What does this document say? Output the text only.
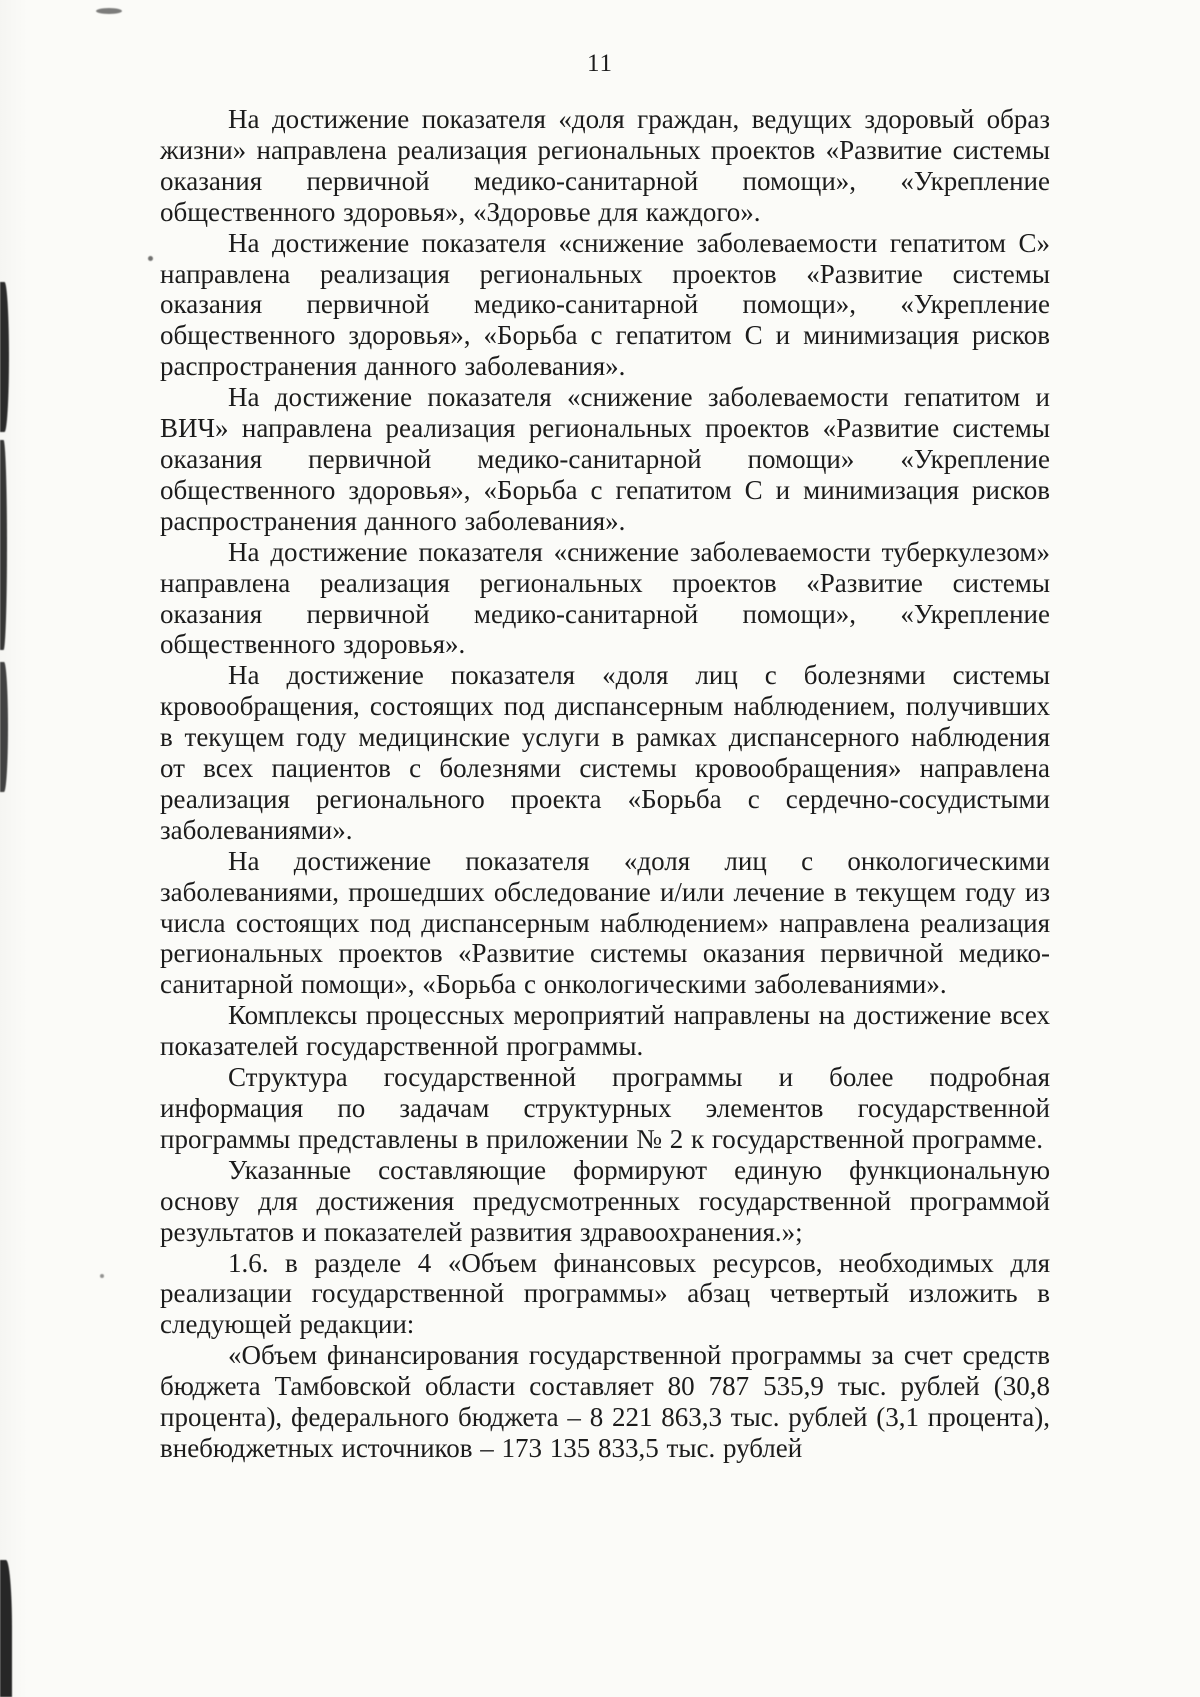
11

На достижение показателя «доля граждан, ведущих здоровый образ жизни» направлена реализация региональных проектов «Развитие системы оказания первичной медико-санитарной помощи», «Укрепление общественного здоровья», «Здоровье для каждого».

На достижение показателя «снижение заболеваемости гепатитом С» направлена реализация региональных проектов «Развитие системы оказания первичной медико-санитарной помощи», «Укрепление общественного здоровья», «Борьба с гепатитом С и минимизация рисков распространения данного заболевания».

На достижение показателя «снижение заболеваемости гепатитом и ВИЧ» направлена реализация региональных проектов «Развитие системы оказания первичной медико-санитарной помощи» «Укрепление общественного здоровья», «Борьба с гепатитом С и минимизация рисков распространения данного заболевания».

На достижение показателя «снижение заболеваемости туберкулезом» направлена реализация региональных проектов «Развитие системы оказания первичной медико-санитарной помощи», «Укрепление общественного здоровья».

На достижение показателя «доля лиц с болезнями системы кровообращения, состоящих под диспансерным наблюдением, получивших в текущем году медицинские услуги в рамках диспансерного наблюдения от всех пациентов с болезнями системы кровообращения» направлена реализация регионального проекта «Борьба с сердечно-сосудистыми заболеваниями».

На достижение показателя «доля лиц с онкологическими заболеваниями, прошедших обследование и/или лечение в текущем году из числа состоящих под диспансерным наблюдением» направлена реализация региональных проектов «Развитие системы оказания первичной медико-санитарной помощи», «Борьба с онкологическими заболеваниями».

Комплексы процессных мероприятий направлены на достижение всех показателей государственной программы.

Структура государственной программы и более подробная информация по задачам структурных элементов государственной программы представлены в приложении № 2 к государственной программе.

Указанные составляющие формируют единую функциональную основу для достижения предусмотренных государственной программой результатов и показателей развития здравоохранения.»;

1.6. в разделе 4 «Объем финансовых ресурсов, необходимых для реализации государственной программы» абзац четвертый изложить в следующей редакции:

«Объем финансирования государственной программы за счет средств бюджета Тамбовской области составляет 80 787 535,9 тыс. рублей (30,8 процента), федерального бюджета – 8 221 863,3 тыс. рублей (3,1 процента), внебюджетных источников – 173 135 833,5 тыс. рублей
